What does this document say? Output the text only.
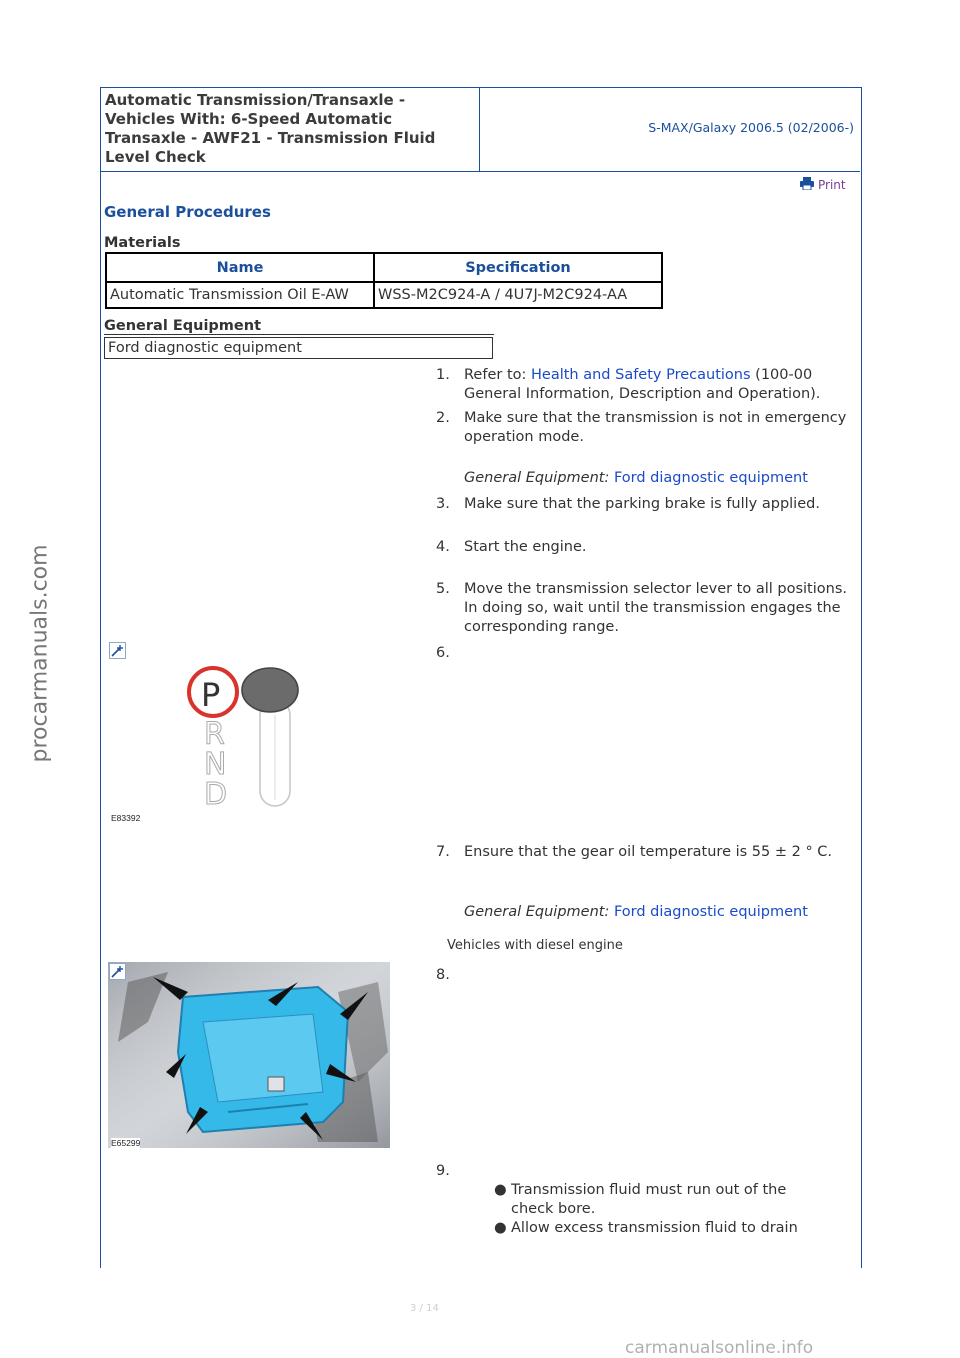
Automatic Transmission/Transaxle - Vehicles With: 6-Speed Automatic Transaxle - AWF21 - Transmission Fluid Level Check
S-MAX/Galaxy 2006.5 (02/2006-)
Print
General Procedures
Materials
Name	Specification
Automatic Transmission Oil E-AW	WSS-M2C924-A / 4U7J-M2C924-AA
General Equipment
Ford diagnostic equipment
1. Refer to: Health and Safety Precautions (100-00 General Information, Description and Operation).
2. Make sure that the transmission is not in emergency operation mode.
General Equipment: Ford diagnostic equipment
3. Make sure that the parking brake is fully applied.
4. Start the engine.
5. Move the transmission selector lever to all positions. In doing so, wait until the transmission engages the corresponding range.
6.
P
R
N
D
E83392
7. Ensure that the gear oil temperature is 55 ± 2 ° C.
General Equipment: Ford diagnostic equipment
Vehicles with diesel engine
8.
E65299
9.
● Transmission fluid must run out of the check bore.
● Allow excess transmission fluid to drain
3 / 14
procarmanuals.com
carmanualsonline.info
